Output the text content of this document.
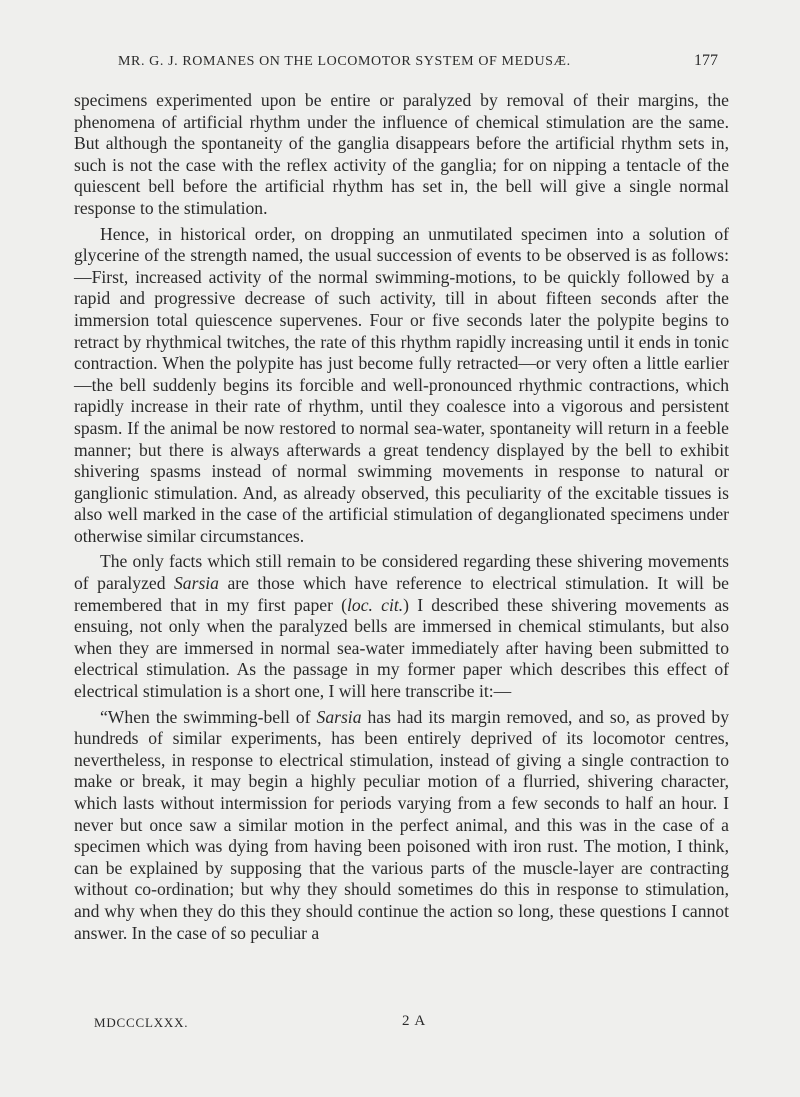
MR. G. J. ROMANES ON THE LOCOMOTOR SYSTEM OF MEDUSÆ.	177

specimens experimented upon be entire or paralyzed by removal of their margins, the phenomena of artificial rhythm under the influence of chemical stimulation are the same. But although the spontaneity of the ganglia disappears before the artificial rhythm sets in, such is not the case with the reflex activity of the ganglia; for on nipping a tentacle of the quiescent bell before the artificial rhythm has set in, the bell will give a single normal response to the stimulation.

Hence, in historical order, on dropping an unmutilated specimen into a solution of glycerine of the strength named, the usual succession of events to be observed is as follows:—First, increased activity of the normal swimming-motions, to be quickly followed by a rapid and progressive decrease of such activity, till in about fifteen seconds after the immersion total quiescence supervenes. Four or five seconds later the polypite begins to retract by rhythmical twitches, the rate of this rhythm rapidly increasing until it ends in tonic contraction. When the polypite has just become fully retracted—or very often a little earlier—the bell suddenly begins its forcible and well-pronounced rhythmic contractions, which rapidly increase in their rate of rhythm, until they coalesce into a vigorous and persistent spasm. If the animal be now restored to normal sea-water, spontaneity will return in a feeble manner; but there is always afterwards a great tendency displayed by the bell to exhibit shivering spasms instead of normal swimming movements in response to natural or ganglionic stimulation. And, as already observed, this peculiarity of the excitable tissues is also well marked in the case of the artificial stimulation of deganglionated specimens under otherwise similar circumstances.

The only facts which still remain to be considered regarding these shivering movements of paralyzed Sarsia are those which have reference to electrical stimulation. It will be remembered that in my first paper (loc. cit.) I described these shivering movements as ensuing, not only when the paralyzed bells are immersed in chemical stimulants, but also when they are immersed in normal sea-water immediately after having been submitted to electrical stimulation. As the passage in my former paper which describes this effect of electrical stimulation is a short one, I will here transcribe it:—

“When the swimming-bell of Sarsia has had its margin removed, and so, as proved by hundreds of similar experiments, has been entirely deprived of its locomotor centres, nevertheless, in response to electrical stimulation, instead of giving a single contraction to make or break, it may begin a highly peculiar motion of a flurried, shivering character, which lasts without intermission for periods varying from a few seconds to half an hour. I never but once saw a similar motion in the perfect animal, and this was in the case of a specimen which was dying from having been poisoned with iron rust. The motion, I think, can be explained by supposing that the various parts of the muscle-layer are contracting without co-ordination; but why they should sometimes do this in response to stimulation, and why when they do this they should continue the action so long, these questions I cannot answer. In the case of so peculiar a

MDCCCLXXX.	2 A
